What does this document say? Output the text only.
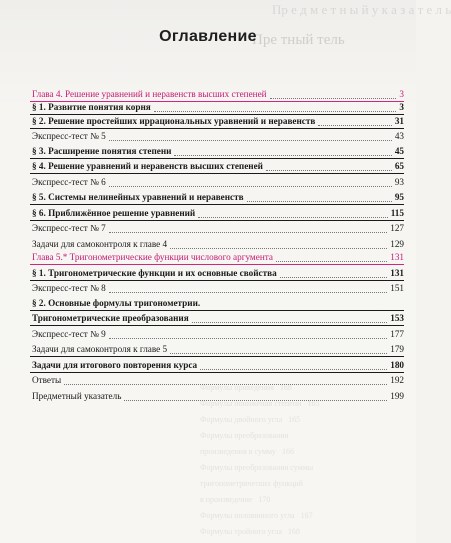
Пр е д м е т н ы й у к а з а т е л ь
Пре тный тель
Формулы приведения   168
Формулы понижения степени   165
Формулы двойного угла   165
Формулы преобразования
произведения в сумму   166
Формулы преобразования суммы
тригонометрических функций
в произведение   170
Формулы половинного угла   167
Формулы тройного угла   168
Оглавление
Глава 4. Решение уравнений и неравенств высших степеней	3
§ 1. Развитие понятия корня	3
§ 2. Решение простейших иррациональных уравнений и неравенств	31
Экспресс-тест № 5	43
§ 3. Расширение понятия степени	45
§ 4. Решение уравнений и неравенств высших степеней	65
Экспресс-тест № 6	93
§ 5. Системы нелинейных уравнений и неравенств	95
§ 6. Приближённое решение уравнений	115
Экспресс-тест № 7	127
Задачи для самоконтроля к главе 4	129
Глава 5.* Тригонометрические функции числового аргумента	131
§ 1. Тригонометрические функции и их основные свойства	131
Экспресс-тест № 8	151
§ 2. Основные формулы тригонометрии.
Тригонометрические преобразования	153
Экспресс-тест № 9	177
Задачи для самоконтроля к главе 5	179
Задачи для итогового повторения курса	180
Ответы	192
Предметный указатель	199
